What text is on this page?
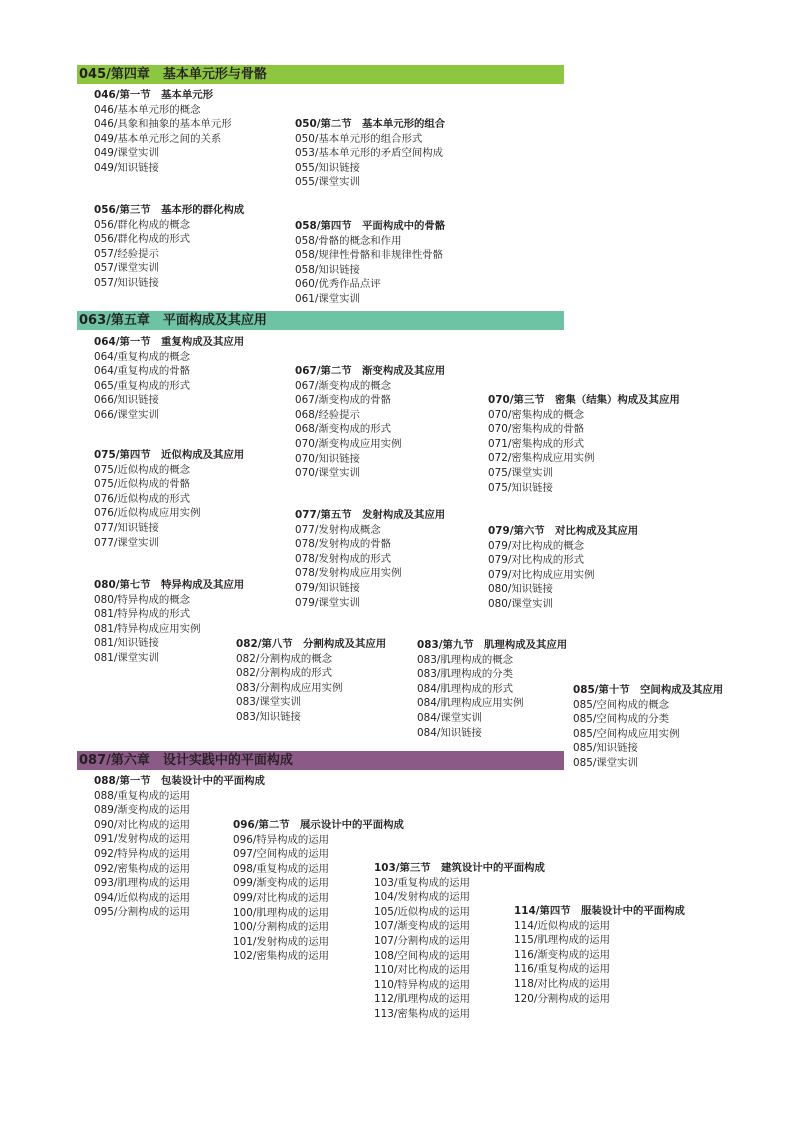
045/第四章　基本单元形与骨骼
046/第一节　基本单元形
046/基本单元形的概念
046/具象和抽象的基本单元形
049/基本单元形之间的关系
049/课堂实训
049/知识链接
050/第二节　基本单元形的组合
050/基本单元形的组合形式
053/基本单元形的矛盾空间构成
055/知识链接
055/课堂实训
056/第三节　基本形的群化构成
056/群化构成的概念
056/群化构成的形式
057/经验提示
057/课堂实训
057/知识链接
058/第四节　平面构成中的骨骼
058/骨骼的概念和作用
058/规律性骨骼和非规律性骨骼
058/知识链接
060/优秀作品点评
061/课堂实训
063/第五章　平面构成及其应用
064/第一节　重复构成及其应用
064/重复构成的概念
064/重复构成的骨骼
065/重复构成的形式
066/知识链接
066/课堂实训
067/第二节　渐变构成及其应用
067/渐变构成的概念
067/渐变构成的骨骼
068/经验提示
068/渐变构成的形式
070/渐变构成应用实例
070/知识链接
070/课堂实训
070/第三节　密集（结集）构成及其应用
070/密集构成的概念
070/密集构成的骨骼
071/密集构成的形式
072/密集构成应用实例
075/课堂实训
075/知识链接
075/第四节　近似构成及其应用
075/近似构成的概念
075/近似构成的骨骼
076/近似构成的形式
076/近似构成应用实例
077/知识链接
077/课堂实训
077/第五节　发射构成及其应用
077/发射构成概念
078/发射构成的骨骼
078/发射构成的形式
078/发射构成应用实例
079/知识链接
079/课堂实训
079/第六节　对比构成及其应用
079/对比构成的概念
079/对比构成的形式
079/对比构成应用实例
080/知识链接
080/课堂实训
080/第七节　特异构成及其应用
080/特异构成的概念
081/特异构成的形式
081/特异构成应用实例
081/知识链接
081/课堂实训
082/第八节　分割构成及其应用
082/分割构成的概念
082/分割构成的形式
083/分割构成应用实例
083/课堂实训
083/知识链接
083/第九节　肌理构成及其应用
083/肌理构成的概念
083/肌理构成的分类
084/肌理构成的形式
084/肌理构成应用实例
084/课堂实训
084/知识链接
085/第十节　空间构成及其应用
085/空间构成的概念
085/空间构成的分类
085/空间构成应用实例
085/知识链接
085/课堂实训
087/第六章　设计实践中的平面构成
088/第一节　包装设计中的平面构成
088/重复构成的运用
089/渐变构成的运用
090/对比构成的运用
091/发射构成的运用
092/特异构成的运用
092/密集构成的运用
093/肌理构成的运用
094/近似构成的运用
095/分割构成的运用
096/第二节　展示设计中的平面构成
096/特异构成的运用
097/空间构成的运用
098/重复构成的运用
099/渐变构成的运用
099/对比构成的运用
100/肌理构成的运用
100/分割构成的运用
101/发射构成的运用
102/密集构成的运用
103/第三节　建筑设计中的平面构成
103/重复构成的运用
104/发射构成的运用
105/近似构成的运用
107/渐变构成的运用
107/分割构成的运用
108/空间构成的运用
110/对比构成的运用
110/特异构成的运用
112/肌理构成的运用
113/密集构成的运用
114/第四节　服装设计中的平面构成
114/近似构成的运用
115/肌理构成的运用
116/渐变构成的运用
116/重复构成的运用
118/对比构成的运用
120/分割构成的运用
